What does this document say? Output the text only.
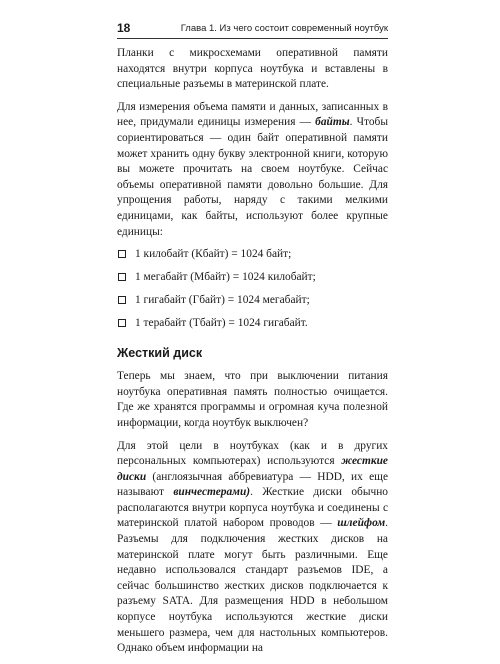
18	Глава 1. Из чего состоит современный ноутбук

Планки с микросхемами оперативной памяти находятся внутри корпуса ноутбука и вставлены в специальные разъемы в материнской плате.

Для измерения объема памяти и данных, записанных в нее, придумали единицы измерения — байты. Чтобы сориентироваться — один байт оперативной памяти может хранить одну букву электронной книги, которую вы можете прочитать на своем ноутбуке. Сейчас объемы оперативной памяти довольно большие. Для упрощения работы, наряду с такими мелкими единицами, как байты, используют более крупные единицы:

1 килобайт (Кбайт) = 1024 байт;
1 мегабайт (Мбайт) = 1024 килобайт;
1 гигабайт (Гбайт) = 1024 мегабайт;
1 терабайт (Тбайт) = 1024 гигабайт.
Жесткий диск

Теперь мы знаем, что при выключении питания ноутбука оперативная память полностью очищается. Где же хранятся программы и огромная куча полезной информации, когда ноутбук выключен?

Для этой цели в ноутбуках (как и в других персональных компьютерах) используются жесткие диски (англоязычная аббревиатура — HDD, их еще называют винчестерами). Жесткие диски обычно располагаются внутри корпуса ноутбука и соединены с материнской платой набором проводов — шлейфом. Разъемы для подключения жестких дисков на материнской плате могут быть различными. Еще недавно использовался стандарт разъемов IDE, а сейчас большинство жестких дисков подключается к разъему SATA. Для размещения HDD в небольшом корпусе ноутбука используются жесткие диски меньшего размера, чем для настольных компьютеров. Однако объем информации на
